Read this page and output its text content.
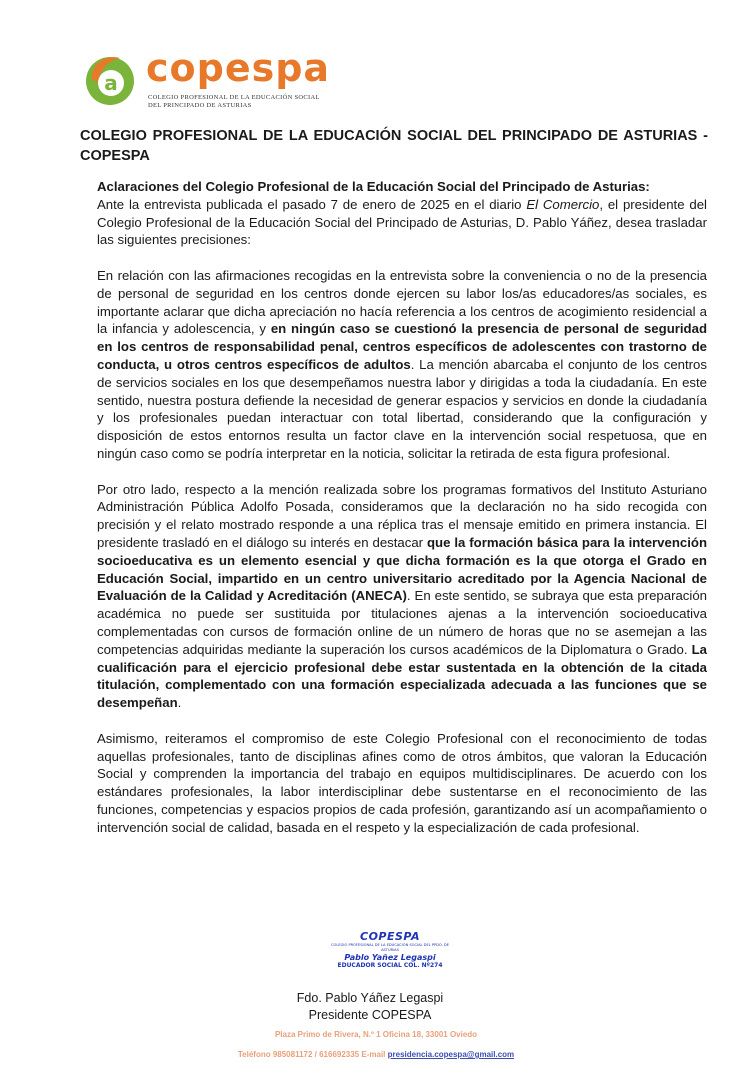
a copespa
COLEGIO PROFESIONAL DE LA EDUCACIÓN SOCIAL
DEL PRINCIPADO DE ASTURIAS
COLEGIO PROFESIONAL DE LA EDUCACIÓN SOCIAL DEL PRINCIPADO DE ASTURIAS - COPESPA

Aclaraciones del Colegio Profesional de la Educación Social del Principado de Asturias:
Ante la entrevista publicada el pasado 7 de enero de 2025 en el diario El Comercio, el presidente del Colegio Profesional de la Educación Social del Principado de Asturias, D. Pablo Yáñez, desea trasladar las siguientes precisiones:

En relación con las afirmaciones recogidas en la entrevista sobre la conveniencia o no de la presencia de personal de seguridad en los centros donde ejercen su labor los/as educadores/as sociales, es importante aclarar que dicha apreciación no hacía referencia a los centros de acogimiento residencial a la infancia y adolescencia, y en ningún caso se cuestionó la presencia de personal de seguridad en los centros de responsabilidad penal, centros específicos de adolescentes con trastorno de conducta, u otros centros específicos de adultos. La mención abarcaba el conjunto de los centros de servicios sociales en los que desempeñamos nuestra labor y dirigidas a toda la ciudadanía. En este sentido, nuestra postura defiende la necesidad de generar espacios y servicios en donde la ciudadanía y los profesionales puedan interactuar con total libertad, considerando que la configuración y disposición de estos entornos resulta un factor clave en la intervención social respetuosa, que en ningún caso como se podría interpretar en la noticia, solicitar la retirada de esta figura profesional.

Por otro lado, respecto a la mención realizada sobre los programas formativos del Instituto Asturiano Administración Pública Adolfo Posada, consideramos que la declaración no ha sido recogida con precisión y el relato mostrado responde a una réplica tras el mensaje emitido en primera instancia. El presidente trasladó en el diálogo su interés en destacar que la formación básica para la intervención socioeducativa es un elemento esencial y que dicha formación es la que otorga el Grado en Educación Social, impartido en un centro universitario acreditado por la Agencia Nacional de Evaluación de la Calidad y Acreditación (ANECA). En este sentido, se subraya que esta preparación académica no puede ser sustituida por titulaciones ajenas a la intervención socioeducativa complementadas con cursos de formación online de un número de horas que no se asemejan a las competencias adquiridas mediante la superación los cursos académicos de la Diplomatura o Grado. La cualificación para el ejercicio profesional debe estar sustentada en la obtención de la citada titulación, complementado con una formación especializada adecuada a las funciones que se desempeñan.

Asimismo, reiteramos el compromiso de este Colegio Profesional con el reconocimiento de todas aquellas profesionales, tanto de disciplinas afines como de otros ámbitos, que valoran la Educación Social y comprenden la importancia del trabajo en equipos multidisciplinares. De acuerdo con los estándares profesionales, la labor interdisciplinar debe sustentarse en el reconocimiento de las funciones, competencias y espacios propios de cada profesión, garantizando así un acompañamiento o intervención social de calidad, basada en el respeto y la especialización de cada profesional.

COPESPA
COLEGIO PROFESIONAL DE LA EDUCACIÓN SOCIAL DEL PPDO. DE ASTURIAS
Pablo Yañez Legaspi
EDUCADOR SOCIAL COL. Nº274
Fdo. Pablo Yáñez Legaspi
Presidente COPESPA
Plaza Primo de Rivera, N.º 1 Oficina 18, 33001 Oviedo
Teléfono 985081172 / 616692335 E-mail presidencia.copespa@gmail.com
